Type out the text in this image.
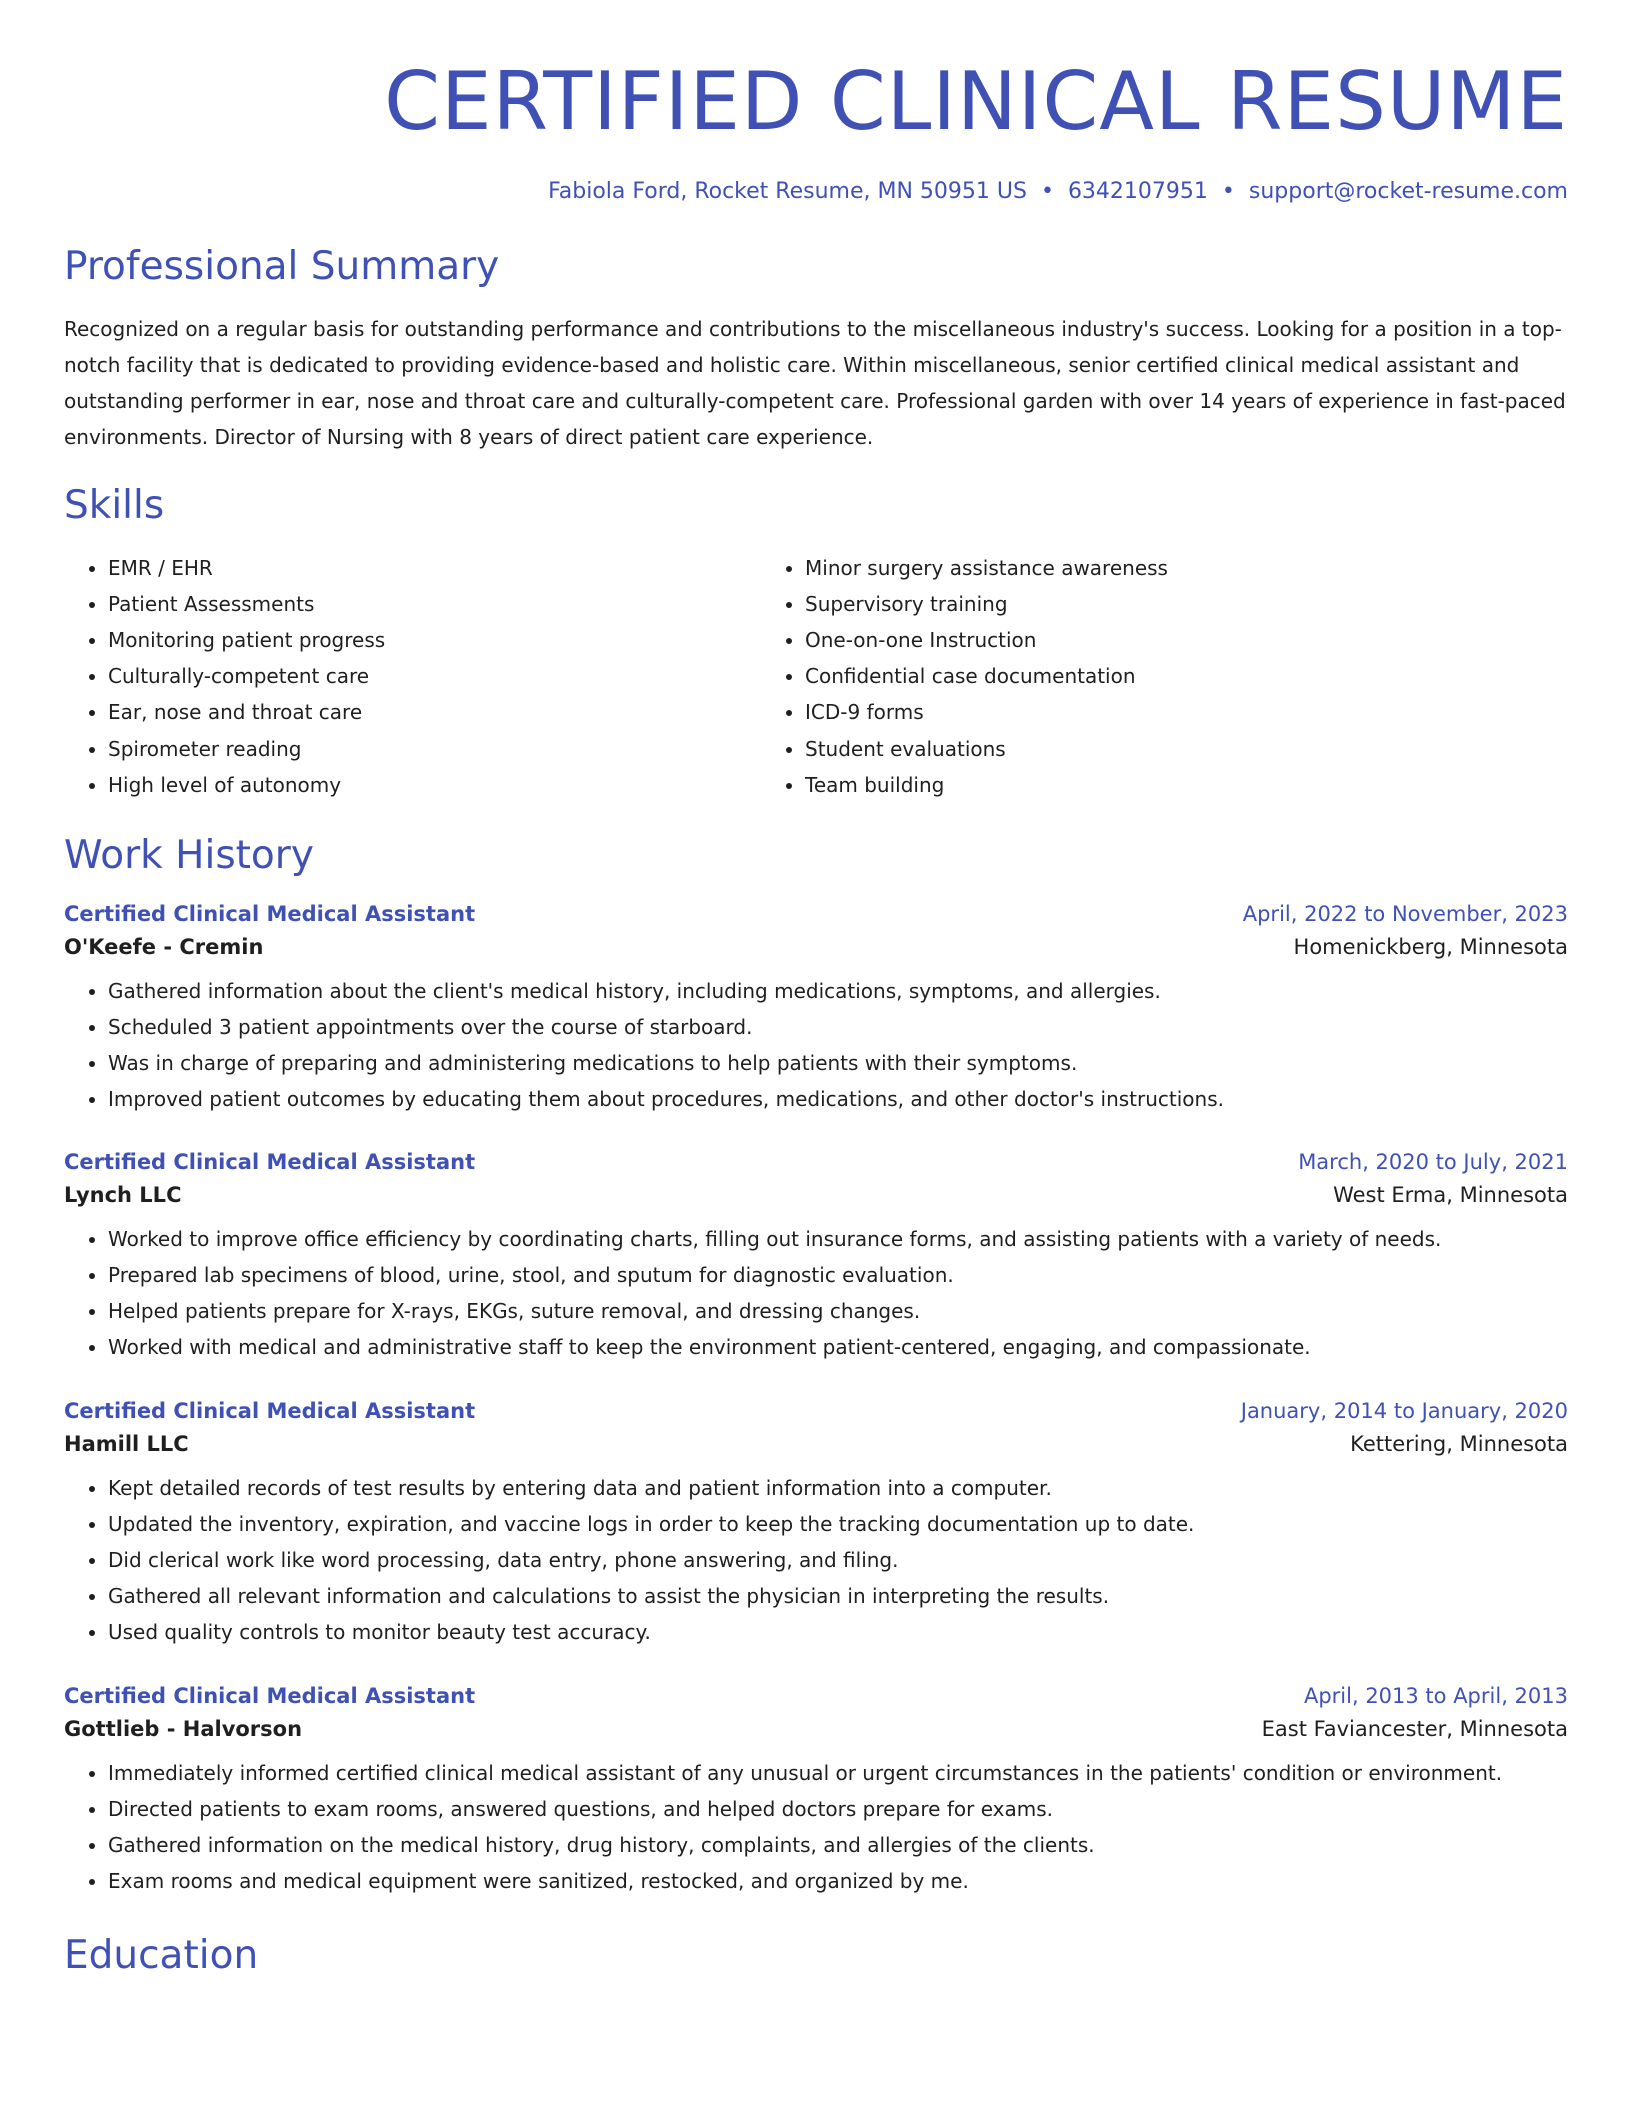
CERTIFIED CLINICAL RESUME
Fabiola Ford, Rocket Resume, MN 50951 US • 6342107951 • support@rocket-resume.com
Professional Summary
Recognized on a regular basis for outstanding performance and contributions to the miscellaneous industry's success. Looking for a position in a top-notch facility that is dedicated to providing evidence-based and holistic care. Within miscellaneous, senior certified clinical medical assistant and outstanding performer in ear, nose and throat care and culturally-competent care. Professional garden with over 14 years of experience in fast-paced environments. Director of Nursing with 8 years of direct patient care experience.
Skills
• EMR / EHR
• Patient Assessments
• Monitoring patient progress
• Culturally-competent care
• Ear, nose and throat care
• Spirometer reading
• High level of autonomy
• Minor surgery assistance awareness
• Supervisory training
• One-on-one Instruction
• Confidential case documentation
• ICD-9 forms
• Student evaluations
• Team building
Work History
Certified Clinical Medical Assistant	April, 2022 to November, 2023
O'Keefe - Cremin	Homenickberg, Minnesota
• Gathered information about the client's medical history, including medications, symptoms, and allergies.
• Scheduled 3 patient appointments over the course of starboard.
• Was in charge of preparing and administering medications to help patients with their symptoms.
• Improved patient outcomes by educating them about procedures, medications, and other doctor's instructions.
Certified Clinical Medical Assistant	March, 2020 to July, 2021
Lynch LLC	West Erma, Minnesota
• Worked to improve office efficiency by coordinating charts, filling out insurance forms, and assisting patients with a variety of needs.
• Prepared lab specimens of blood, urine, stool, and sputum for diagnostic evaluation.
• Helped patients prepare for X-rays, EKGs, suture removal, and dressing changes.
• Worked with medical and administrative staff to keep the environment patient-centered, engaging, and compassionate.
Certified Clinical Medical Assistant	January, 2014 to January, 2020
Hamill LLC	Kettering, Minnesota
• Kept detailed records of test results by entering data and patient information into a computer.
• Updated the inventory, expiration, and vaccine logs in order to keep the tracking documentation up to date.
• Did clerical work like word processing, data entry, phone answering, and filing.
• Gathered all relevant information and calculations to assist the physician in interpreting the results.
• Used quality controls to monitor beauty test accuracy.
Certified Clinical Medical Assistant	April, 2013 to April, 2013
Gottlieb - Halvorson	East Faviancester, Minnesota
• Immediately informed certified clinical medical assistant of any unusual or urgent circumstances in the patients' condition or environment.
• Directed patients to exam rooms, answered questions, and helped doctors prepare for exams.
• Gathered information on the medical history, drug history, complaints, and allergies of the clients.
• Exam rooms and medical equipment were sanitized, restocked, and organized by me.
Education
